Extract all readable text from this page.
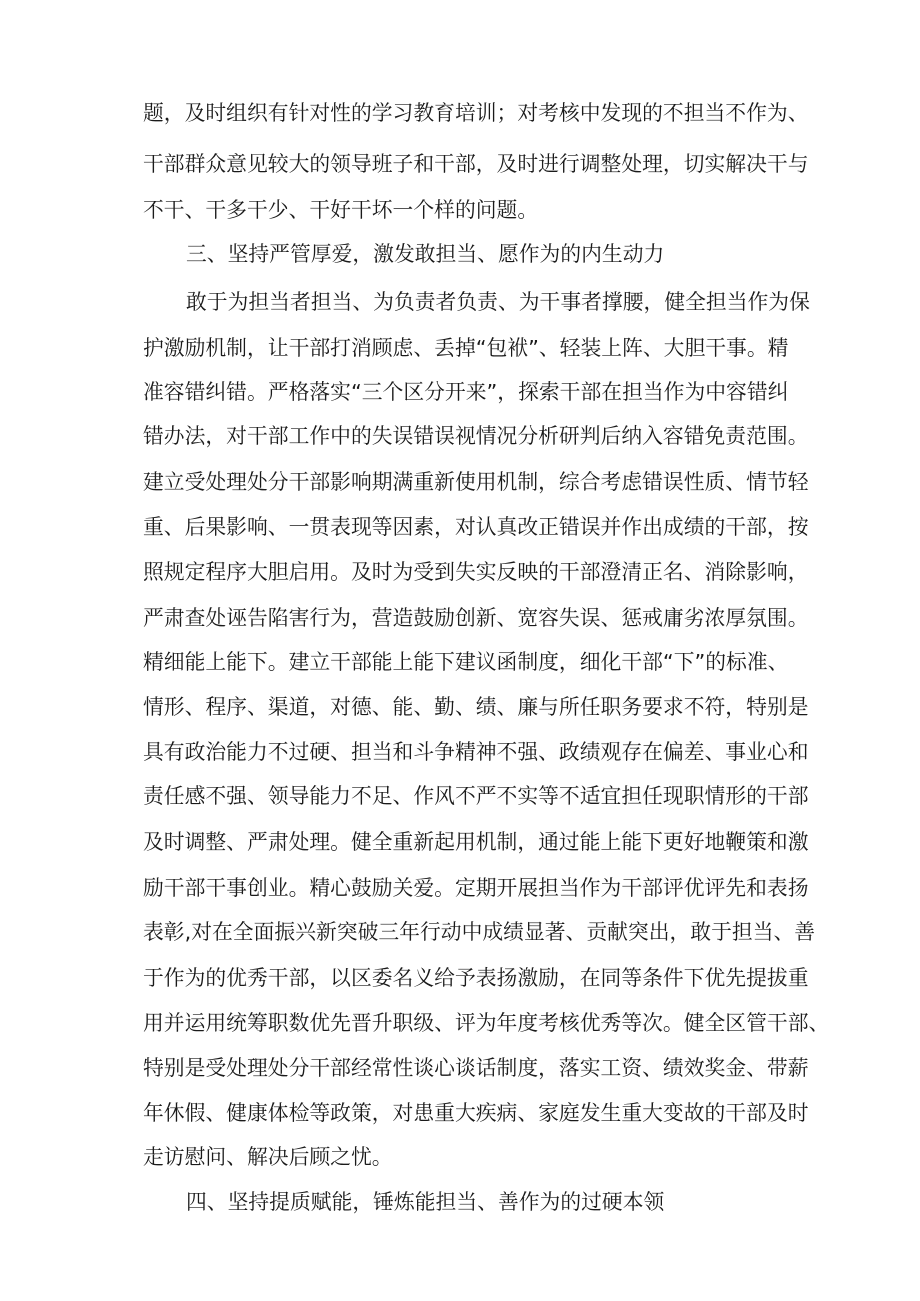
题，及时组织有针对性的学习教育培训；对考核中发现的不担当不作为、

干部群众意见较大的领导班子和干部，及时进行调整处理，切实解决干与

不干、干多干少、干好干坏一个样的问题。

三、坚持严管厚爱，激发敢担当、愿作为的内生动力

敢于为担当者担当、为负责者负责、为干事者撑腰，健全担当作为保

护激励机制，让干部打消顾虑、丢掉“包袱”、轻装上阵、大胆干事。精

准容错纠错。严格落实“三个区分开来”，探索干部在担当作为中容错纠

错办法，对干部工作中的失误错误视情况分析研判后纳入容错免责范围。

建立受处理处分干部影响期满重新使用机制，综合考虑错误性质、情节轻

重、后果影响、一贯表现等因素，对认真改正错误并作出成绩的干部，按

照规定程序大胆启用。及时为受到失实反映的干部澄清正名、消除影响，

严肃查处诬告陷害行为，营造鼓励创新、宽容失误、惩戒庸劣浓厚氛围。

精细能上能下。建立干部能上能下建议函制度，细化干部“下”的标准、

情形、程序、渠道，对德、能、勤、绩、廉与所任职务要求不符，特别是

具有政治能力不过硬、担当和斗争精神不强、政绩观存在偏差、事业心和

责任感不强、领导能力不足、作风不严不实等不适宜担任现职情形的干部

及时调整、严肃处理。健全重新起用机制，通过能上能下更好地鞭策和激

励干部干事创业。精心鼓励关爱。定期开展担当作为干部评优评先和表扬

表彰,对在全面振兴新突破三年行动中成绩显著、贡献突出，敢于担当、善

于作为的优秀干部，以区委名义给予表扬激励，在同等条件下优先提拔重

用并运用统筹职数优先晋升职级、评为年度考核优秀等次。健全区管干部、

特别是受处理处分干部经常性谈心谈话制度，落实工资、绩效奖金、带薪

年休假、健康体检等政策，对患重大疾病、家庭发生重大变故的干部及时

走访慰问、解决后顾之忧。

四、坚持提质赋能，锤炼能担当、善作为的过硬本领
